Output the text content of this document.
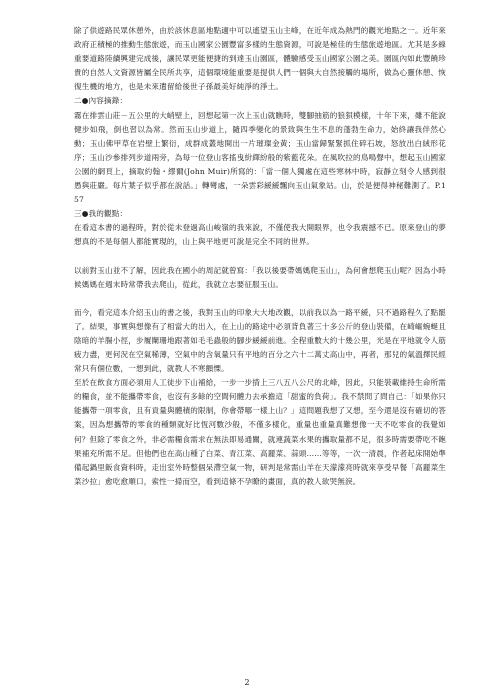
除了供遊路民眾休憩外，由於該休息區地點適中可以遙望玉山主峰，在近年成為熱門的觀光地點之一。近年來政府正積極的推動生態旅遊，而玉山國家公園豐富多樣的生態資源，可說是極佳的生態旅遊地區。尤其是多線重要道路陸續興建完成後，讓民眾更能便捷的到達玉山園區，體驗感受玉山國家公園之美。園區內如此豐饒珍貴的自然人文資源皆屬全民所共享，這個環境能重要是提供人們一個與大自然接觸的場所，做為心靈休憩、恢復生機的地方，也是未來遺留給後世子孫最美好純淨的淨土。

二●內容摘錄：

霧在排雲山莊－五公里的大峭壁上，回想起第一次上玉山就瞧時，雙腳抽筋的狼狽模樣，十年下來，雖不能說健步如飛，倒也習以為常。然而玉山步道上，隨四季變化的景致與生生不息的蓬勃生命力，始終讓我伴然心動；玉山佛甲草在岩壁上繁衍，成群成叢地開出一片璀璨金黃；玉山當歸緊緊抓住碎石坡，怒放出白絨形花序；玉山沙參排列步道兩旁，為每一位登山客搖曳紛繹紛般的紫藍花朵。在風吹拉的鳥鳴聲中，想起玉山國家公園的網頁上，摘取約翰・繆爾(John Muir)所寫的：「當一個人獨處在這些寒林中時，寂靜立刻令人感到很愚與莊嚴。每片葉子似乎都在說話。」轉彎處，一朵雲彩緩緩飄向玉山氣象站。山，於是便得神秘難測了。P.157

三●我的觀點：

在看這本書的過程時，對於從未登過高山峻嶺的我來說，不僅使我大開眼界，也令我震撼不已。原來登山的夢想真的不是每個人都能實現的，山上與平地更可說是完全不同的世界。

以前對玉山並不了解，因此我在國小的周記就曾寫：「我以後要帶媽媽爬玉山」，為何會想爬玉山呢？因為小時候媽媽在週末時常帶我去爬山，從此，我就立志要征服玉山。

而今，看完這本介紹玉山的書之後，我對玉山的印象大大地改觀，以前我以為一路平緩，只不過路程久了點罷了。結果，事實與想像有了相當大的出入，在上山的路途中必須背負著三十多公斤的登山裝備，在崎嶇蜿蜒且陰暗的羊腸小徑，步履闌珊地跟著如毛毛蟲般的腳步緩緩前進。全程重數大約十幾公里，光是在平地就令人筋疲力盡，更何況在空氣稀薄，空氣中的含氧量只有平地的百分之六十二萬丈高山中，再者，那兒的氣溫擇民經常只有個位數，一想到此，就教人不寒顫慄。

至於在飲食方面必須用人工徒步下山補給，一步一步揹上三八五八公尺的北峰，因此，只能裝載維持生命所需的糧食，並不能攜帶零食，也沒有多餘的空間何體力去承擔這「甜蜜的負荷」。我不禁問了問自己：「如果你只能攜帶一項零食，且有貢量與體積的限制，你會帶哪一樣上山？」這問題我想了又想，至今還是沒有確切的答案，因為想攜帶的零食的種類就好比恆河數沙般，不僅多樣化，重量也重量真難想像一天不吃零食的我覺如何？但除了零食之外，非必需糧食需求在無法即易通關，就連蔬菜水果的攜取量都不足，很多時需要帶吃不飽果補充所需不足。但他們也在高山種了白菜、青江菜、高麗菜、蒜頭……等等，一次一清晨，作者起床開始準備起鍋里飯食資料時，走出室外時整個呆滯空氣一物，研判是常需山羊在天濛濛亮時就來享受早餐「高麗菜生菜沙拉」愈吃愈順口，索性一掃而空，看到這條不孕瞭的畫面，真的教人欲哭無淚。

2
